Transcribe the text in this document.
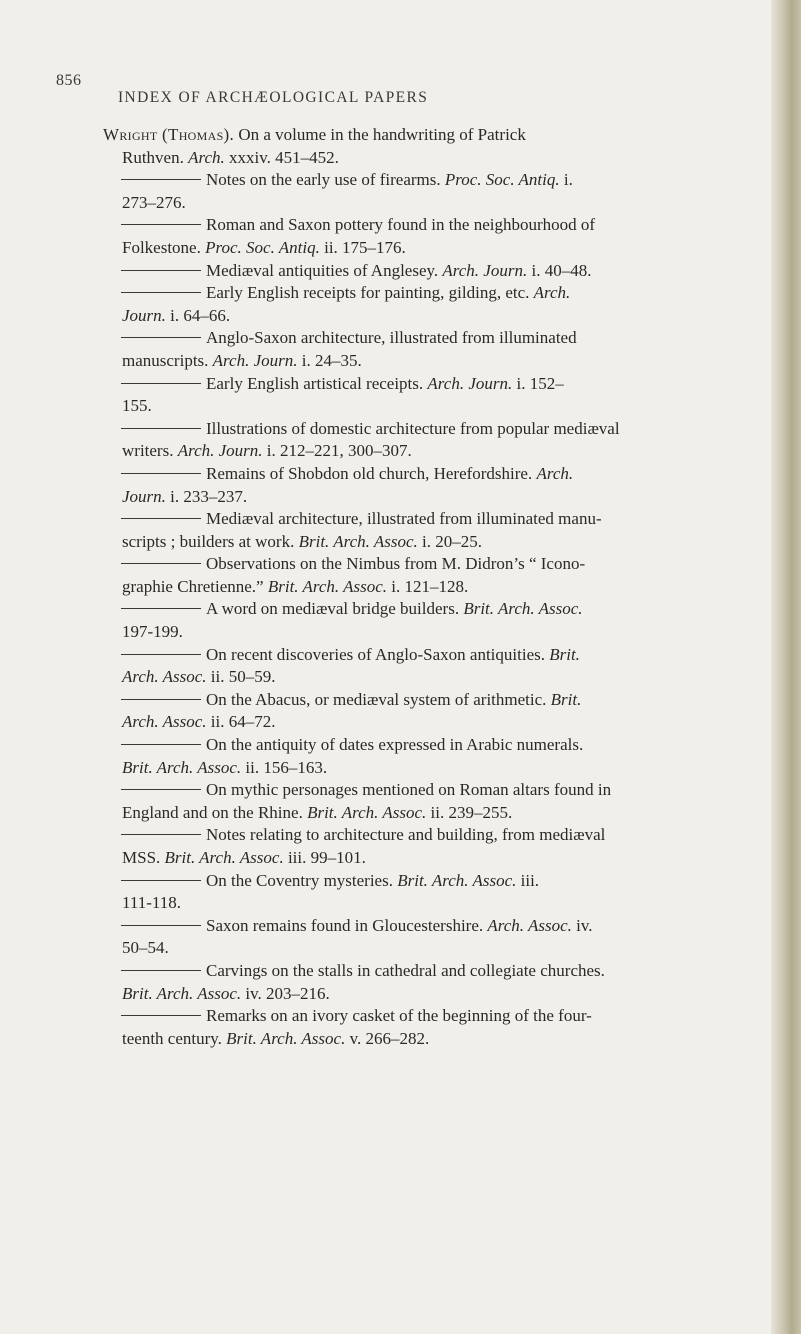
856
INDEX OF ARCHÆOLOGICAL PAPERS
Wright (Thomas). On a volume in the handwriting of Patrick
Ruthven. Arch. xxxiv. 451–452.
Notes on the early use of firearms. Proc. Soc. Antiq. i.
273–276.
Roman and Saxon pottery found in the neighbourhood of
Folkestone. Proc. Soc. Antiq. ii. 175–176.
Mediæval antiquities of Anglesey. Arch. Journ. i. 40–48.
Early English receipts for painting, gilding, etc. Arch.
Journ. i. 64–66.
Anglo-Saxon architecture, illustrated from illuminated
manuscripts. Arch. Journ. i. 24–35.
Early English artistical receipts. Arch. Journ. i. 152–
155.
Illustrations of domestic architecture from popular mediæval
writers. Arch. Journ. i. 212–221, 300–307.
Remains of Shobdon old church, Herefordshire. Arch.
Journ. i. 233–237.
Mediæval architecture, illustrated from illuminated manu-
scripts ; builders at work. Brit. Arch. Assoc. i. 20–25.
Observations on the Nimbus from M. Didron’s “ Icono-
graphie Chretienne.” Brit. Arch. Assoc. i. 121–128.
A word on mediæval bridge builders. Brit. Arch. Assoc.
197-199.
On recent discoveries of Anglo-Saxon antiquities. Brit.
Arch. Assoc. ii. 50–59.
On the Abacus, or mediæval system of arithmetic. Brit.
Arch. Assoc. ii. 64–72.
On the antiquity of dates expressed in Arabic numerals.
Brit. Arch. Assoc. ii. 156–163.
On mythic personages mentioned on Roman altars found in
England and on the Rhine. Brit. Arch. Assoc. ii. 239–255.
Notes relating to architecture and building, from mediæval
MSS. Brit. Arch. Assoc. iii. 99–101.
On the Coventry mysteries. Brit. Arch. Assoc. iii.
111-118.
Saxon remains found in Gloucestershire. Arch. Assoc. iv.
50–54.
Carvings on the stalls in cathedral and collegiate churches.
Brit. Arch. Assoc. iv. 203–216.
Remarks on an ivory casket of the beginning of the four-
teenth century. Brit. Arch. Assoc. v. 266–282.
